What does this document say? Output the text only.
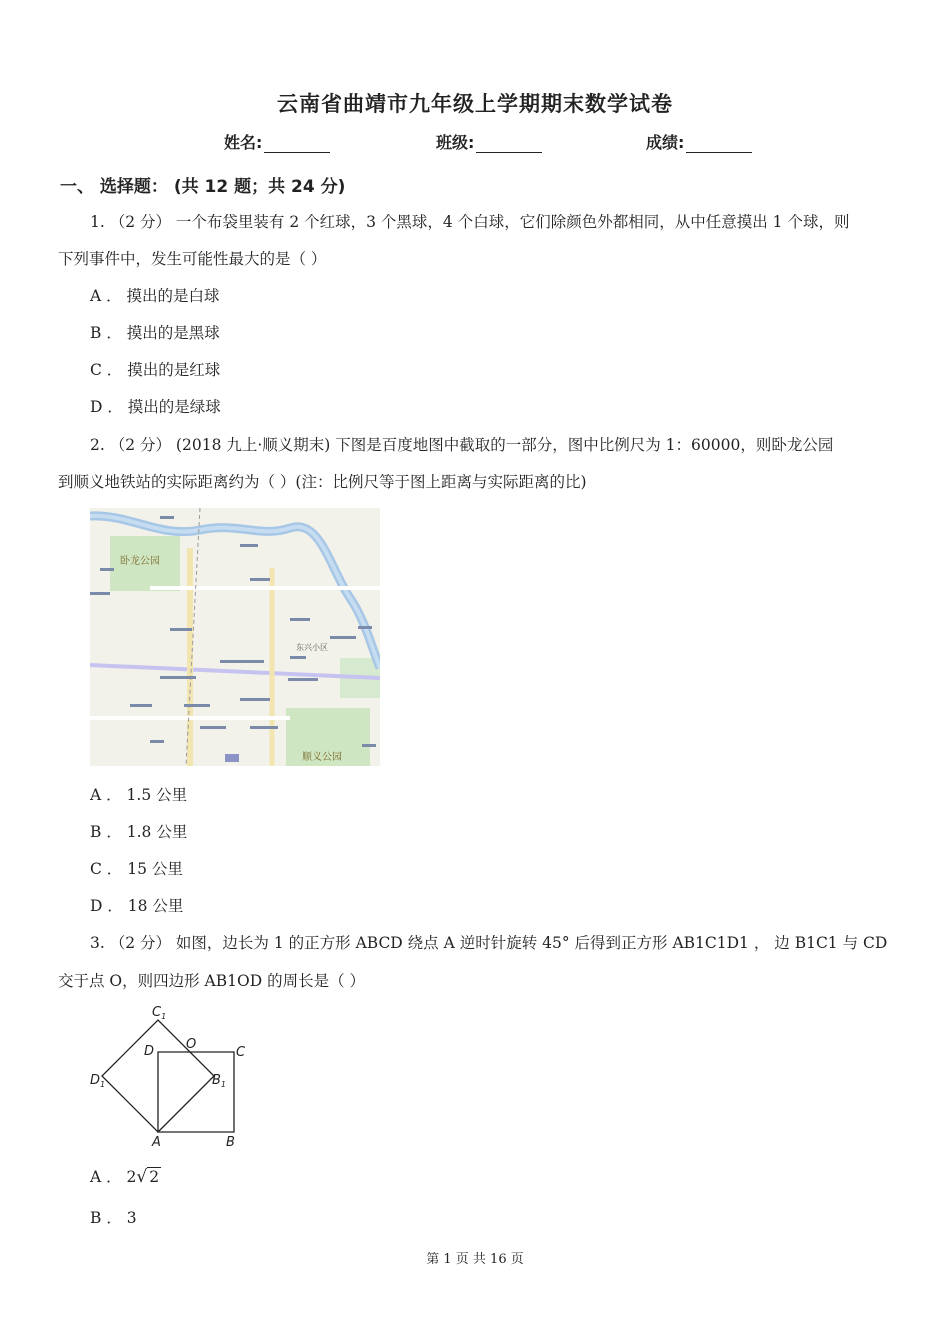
云南省曲靖市九年级上学期期末数学试卷
姓名:	班级:	成绩:
一、 选择题： (共 12 题；共 24 分)
1. （2 分） 一个布袋里装有 2 个红球，3 个黑球，4 个白球，它们除颜色外都相同，从中任意摸出 1 个球，则
下列事件中，发生可能性最大的是（ ）
A ． 摸出的是白球
B ． 摸出的是黑球
C ． 摸出的是红球
D ． 摸出的是绿球
2. （2 分） (2018 九上·顺义期末) 下图是百度地图中截取的一部分，图中比例尺为 1：60000，则卧龙公园
到顺义地铁站的实际距离约为（ ）(注：比例尺等于图上距离与实际距离的比)
卧龙公园
顺义公园
东兴小区
A ． 1.5 公里
B ． 1.8 公里
C ． 15 公里
D ． 18 公里
3. （2 分） 如图，边长为 1 的正方形 ABCD 绕点 A 逆时针旋转 45° 后得到正方形 AB1C1D1 ， 边 B1C1 与 CD
交于点 O，则四边形 AB1OD 的周长是（ ）
$C_1$
D O
C
$D_1$	$B_1$
A	B
A ． 2√ 2
B ． 3
第 1 页 共 16 页
